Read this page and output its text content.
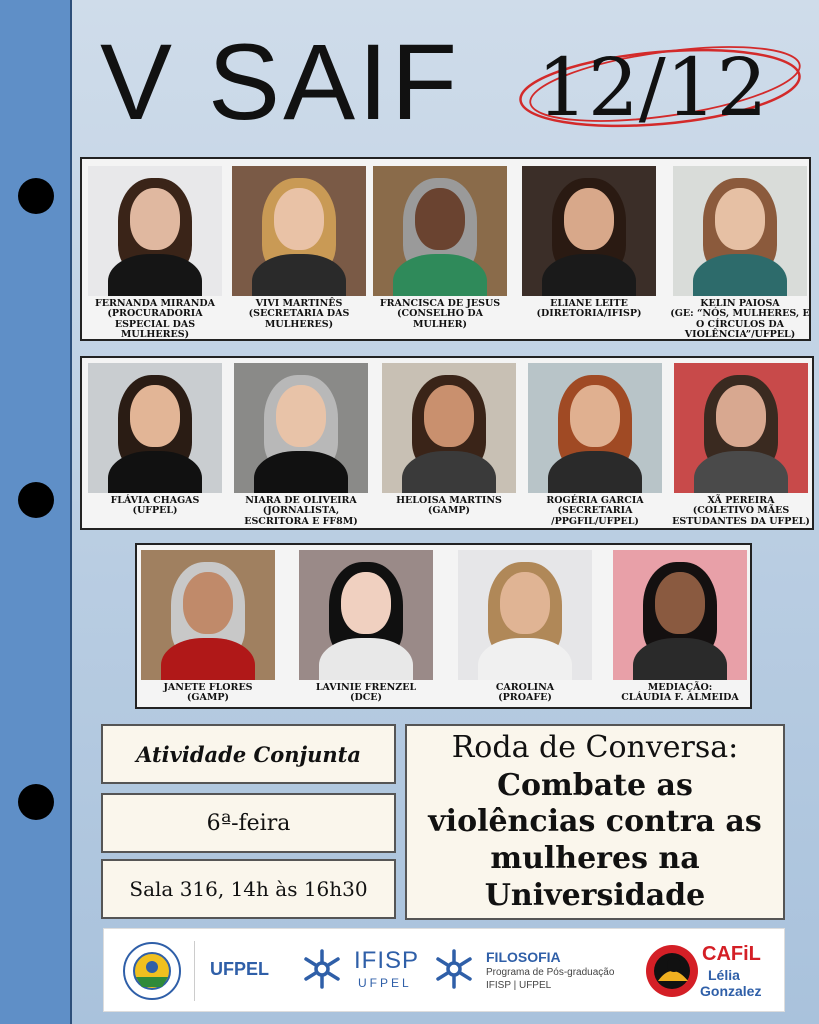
V SAIF 12/12
FERNANDA MIRANDA
(PROCURADORIA ESPECIAL DAS MULHERES)
VIVI MARTINÊS
(SECRETARIA DAS MULHERES)
FRANCISCA DE JESUS
(CONSELHO DA MULHER)
ELIANE LEITE
(DIRETORIA/IFISP)
KELIN PAIOSA
(GE: “NÓS, MULHERES, E O CÍRCULOS DA VIOLÊNCIA”/UFPEL)
FLÁVIA CHAGAS
(UFPEL)
NIARA DE OLIVEIRA
(JORNALISTA, ESCRITORA E FF8M)
HELOISA MARTINS
(GAMP)
ROGÉRIA GARCIA
(SECRETARIA /PPGFIL/UFPEL)
XÃ PEREIRA
(COLETIVO MÃES ESTUDANTES DA UFPEL)
JANETE FLORES
(GAMP)
LAVINIE FRENZEL
(DCE)
CAROLINA
(PROAFE)
MEDIAÇÃO:
CLÁUDIA F. ALMEIDA
Atividade Conjunta
6ª-feira
Sala 316, 14h às 16h30
Roda de Conversa:
Combate as violências contra as mulheres na Universidade
UFPEL	IFISP
UFPEL
FILOSOFIA
Programa de Pós-graduação
IFISP | UFPEL
CAFiL
Lélia
Gonzalez
